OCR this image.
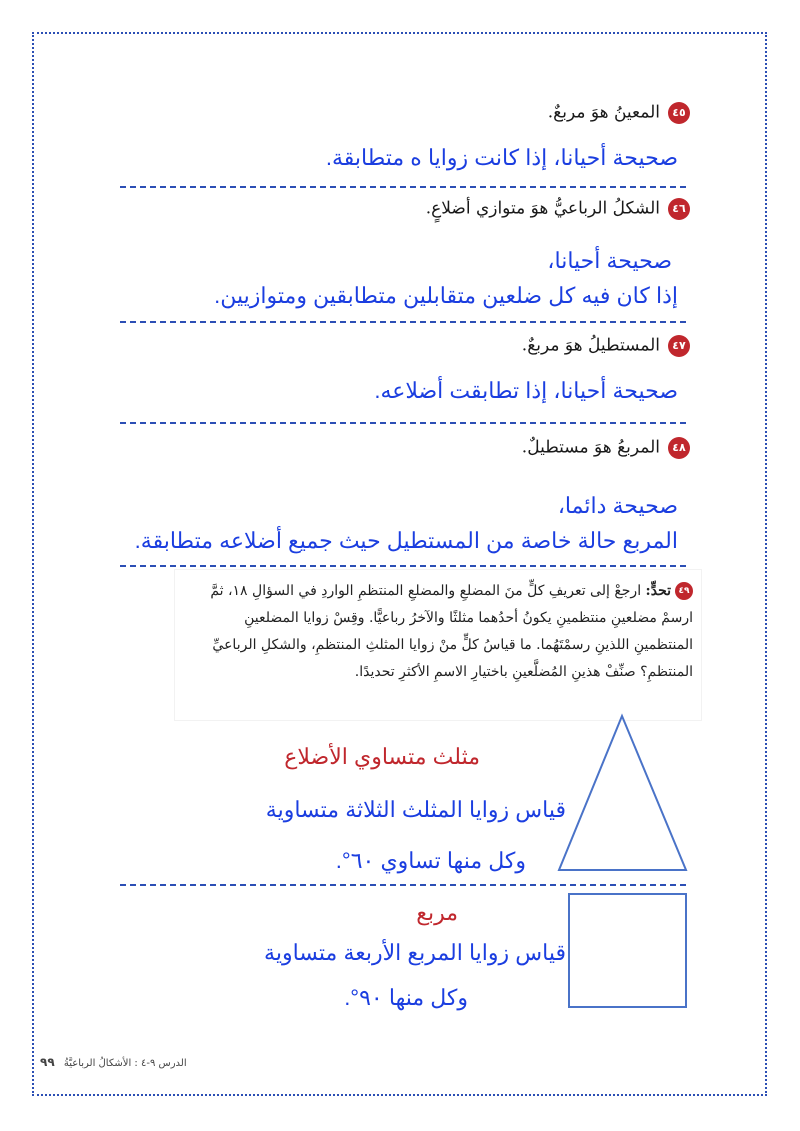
٤٥المعينُ هوَ مربعٌ.
صحيحة أحيانا، إذا كانت زوايا ه متطابقة.
٤٦الشكلُ الرباعيُّ هوَ متوازي أضلاعٍ.
صحيحة أحيانا،
إذا كان فيه كل ضلعين متقابلين متطابقين ومتوازيين.
٤٧المستطيلُ هوَ مربعٌ.
صحيحة أحيانا، إذا تطابقت أضلاعه.
٤٨المربعُ هوَ مستطيلٌ.
صحيحة دائما،
المربع حالة خاصة من المستطيل حيث جميع أضلاعه متطابقة.
٤٩تحدٍّ: ارجعْ إلى تعريفِ كلٍّ منَ المضلعِ والمضلعِ المنتظمِ الواردِ في السؤالِ ١٨، ثمَّ ارسمْ مضلعينِ منتظمينِ يكونُ أحدُهما مثلثًا والآخرُ رباعيًّا. وقِسْ زوايا المضلعينِ المنتظمينِ اللذينِ رسمْتَهُما. ما قياسُ كلٍّ منْ زوايا المثلثِ المنتظمِ، والشكلِ الرباعيِّ المنتظمِ؟ صنِّفْ هذينِ المُضلَّعينِ باختيارِ الاسمِ الأكثرِ تحديدًا.
مثلث متساوي الأضلاع
قياس زوايا المثلث الثلاثة متساوية
وكل منها تساوي ٦٠°.
مربع
قياس زوايا المربع الأربعة متساوية
وكل منها ٩٠°.
الدرس ٩-٤ : الأشكالُ الرباعيَّةُ ٩٩
